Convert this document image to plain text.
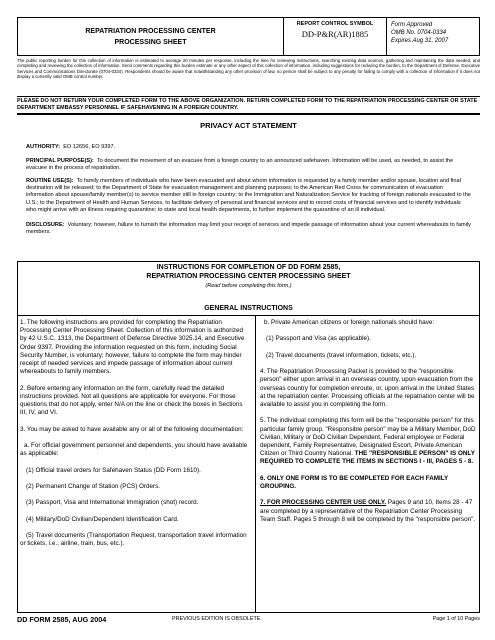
REPATRIATION PROCESSING CENTER
PROCESSING SHEET
REPORT CONTROL SYMBOL
DD-P&R(AR)1885
Form Approved
OMB No. 0704-0334
Expires Aug 31, 2007
The public reporting burden for this collection of information is estimated to average 20 minutes per response, including the time for reviewing instructions, searching existing data sources, gathering and maintaining the data needed, and completing and reviewing the collection of information. Send comments regarding this burden estimate or any other aspect of this collection of information, including suggestions for reducing the burden, to the Department of Defense, Executive Services and Communications Directorate (0704-0334). Respondents should be aware that notwithstanding any other provision of law, no person shall be subject to any penalty for failing to comply with a collection of information if it does not display a currently valid OMB control number.
PLEASE DO NOT RETURN YOUR COMPLETED FORM TO THE ABOVE ORGANIZATION. RETURN COMPLETED FORM TO THE REPATRIATION PROCESSING CENTER OR STATE DEPARTMENT EMBASSY PERSONNEL IF SAFEHAVENING IN A FOREIGN COUNTRY.
PRIVACY ACT STATEMENT
AUTHORITY: EO 12656, EO 9397.
PRINCIPAL PURPOSE(S): To document the movement of an evacuee from a foreign country to an announced safehaven. Information will be used, as needed, to assist the evacuee in the process of repatriation.
ROUTINE USE(S): To family members of individuals who have been evacuated and about whom information is requested by a family member and/or spouse, location and final destination will be released; to the Department of State for evacuation management and planning purposes; to the American Red Cross for communication of evacuation information about spouse/family member(s) to service member still in foreign country; to the Immigration and Naturalization Service for tracking of foreign nationals evacuated to the U.S.; to the Department of Health and Human Services, to facilitate delivery of personal and financial services and to record costs of financial services and to identify individuals who might arrive with an illness requiring quarantine; to state and local health departments, to further implement the quarantine of an ill individual.
DISCLOSURE: Voluntary; however, failure to furnish the information may limit your receipt of services and impede passage of information about your current whereabouts to family members.
INSTRUCTIONS FOR COMPLETION OF DD FORM 2585,
REPATRIATION PROCESSING CENTER PROCESSING SHEET
(Read before completing this form.)
GENERAL INSTRUCTIONS

1. The following instructions are provided for completing the Repatriation Processing Center Processing Sheet. Collection of this information is authorized by 42 U.S.C. 1313, the Department of Defense Directive 3025.14, and Executive Order 9397. Providing the information requested on this form, including Social Security Number, is voluntary; however, failure to complete the form may hinder receipt of needed services and impede passage of information about current whereabouts to family members.

2. Before entering any information on the form, carefully read the detailed instructions provided. Not all questions are applicable for everyone. For those questions that do not apply, enter N/A on the line or check the boxes in Sections III, IV, and VI.

3. You may be asked to have available any or all of the following documentation:

a. For official government personnel and dependents, you should have available as applicable:

(1) Official travel orders for Safehaven Status (DD Form 1610).

(2) Permanent Change of Station (PCS) Orders.

(3) Passport, Visa and International Immigration (shot) record.

(4) Military/DoD Civilian/Dependent Identification Card.

(5) Travel documents (Transportation Request, transportation travel information or tickets, i.e., airline, train, bus, etc.).

b. Private American citizens or foreign nationals should have:

(1) Passport and Visa (as applicable).

(2) Travel documents (travel information, tickets, etc.).

4. The Repatriation Processing Packet is provided to the "responsible person" either upon arrival in an overseas country, upon evacuation from the overseas country for completion enroute, or, upon arrival in the United States at the repatriation center. Processing officials at the repatriation center will be available to assist you in completing the form.

5. The individual completing this form will be the "responsible person" for this particular family group. "Responsible person" may be a Military Member, DoD Civilian, Military or DoD Civilian Dependent, Federal employee or Federal dependent, Family Representative, Designated Escort, Private American Citizen or Third Country National. THE "RESPONSIBLE PERSON" IS ONLY REQUIRED TO COMPLETE THE ITEMS IN SECTIONS I - III, PAGES 5 - 8.

6. ONLY ONE FORM IS TO BE COMPLETED FOR EACH FAMILY GROUPING.

7. FOR PROCESSING CENTER USE ONLY. Pages 9 and 10, Items 28 - 47 are completed by a representative of the Repatriation Center Processing Team Staff. Pages 5 through 8 will be completed by the "responsible person".

DD FORM 2585, AUG 2004	PREVIOUS EDITION IS OBSOLETE.	Page 1 of 10 Pages
